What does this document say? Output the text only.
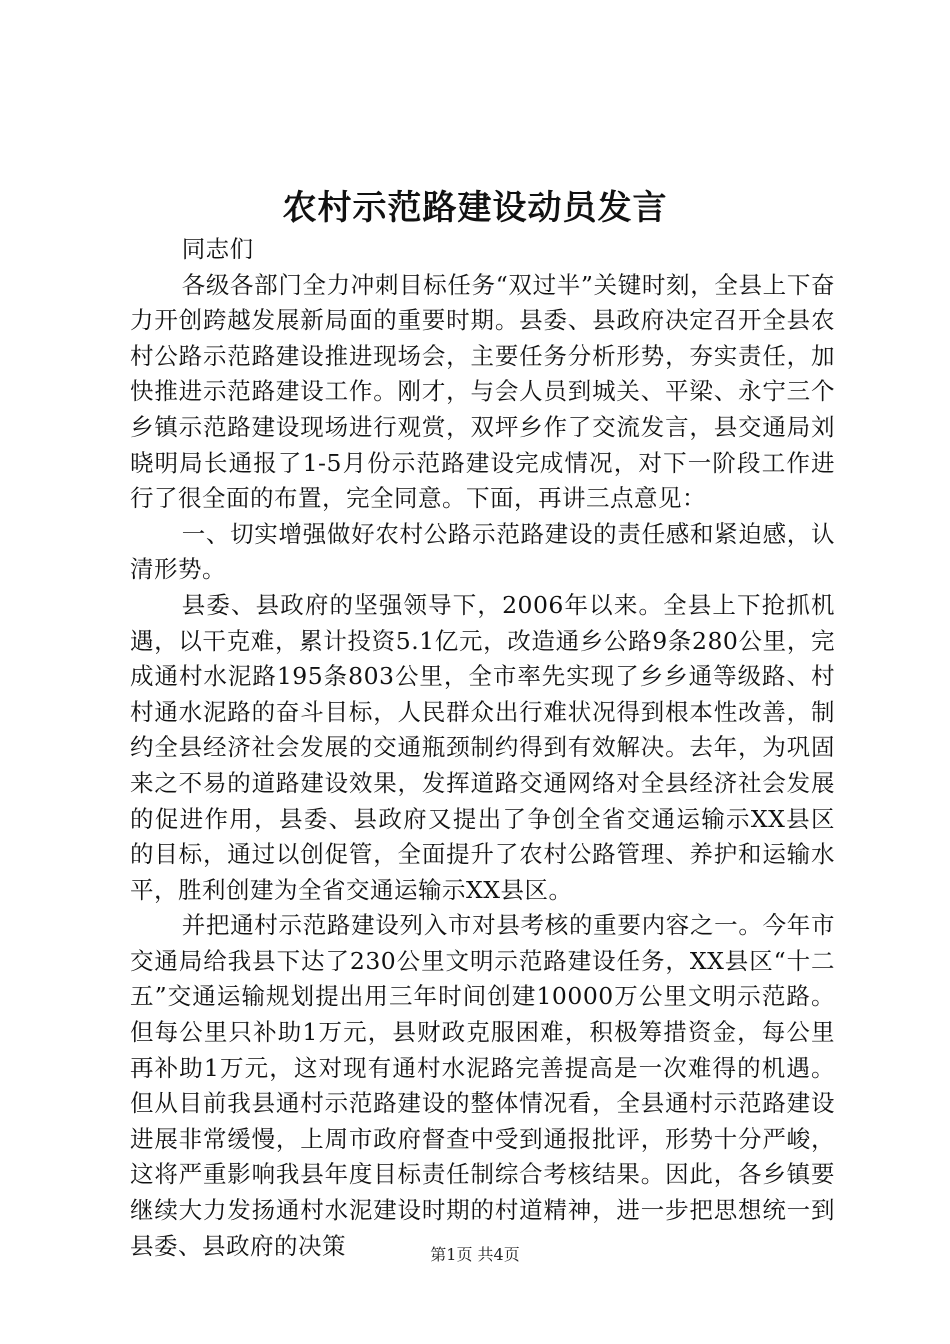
农村示范路建设动员发言

同志们

各级各部门全力冲刺目标任务“双过半”关键时刻，全县上下奋力开创跨越发展新局面的重要时期。县委、县政府决定召开全县农村公路示范路建设推进现场会，主要任务分析形势，夯实责任，加快推进示范路建设工作。刚才，与会人员到城关、平梁、永宁三个乡镇示范路建设现场进行观赏，双坪乡作了交流发言，县交通局刘晓明局长通报了1-5月份示范路建设完成情况，对下一阶段工作进行了很全面的布置，完全同意。下面，再讲三点意见：

一、切实增强做好农村公路示范路建设的责任感和紧迫感，认清形势。

县委、县政府的坚强领导下，2006年以来。全县上下抢抓机遇，以干克难，累计投资5.1亿元，改造通乡公路9条280公里，完成通村水泥路195条803公里，全市率先实现了乡乡通等级路、村村通水泥路的奋斗目标，人民群众出行难状况得到根本性改善，制约全县经济社会发展的交通瓶颈制约得到有效解决。去年，为巩固来之不易的道路建设效果，发挥道路交通网络对全县经济社会发展的促进作用，县委、县政府又提出了争创全省交通运输示XX县区的目标，通过以创促管，全面提升了农村公路管理、养护和运输水平，胜利创建为全省交通运输示XX县区。

并把通村示范路建设列入市对县考核的重要内容之一。今年市交通局给我县下达了230公里文明示范路建设任务，XX县区“十二五”交通运输规划提出用三年时间创建10000万公里文明示范路。但每公里只补助1万元，县财政克服困难，积极筹措资金，每公里再补助1万元，这对现有通村水泥路完善提高是一次难得的机遇。但从目前我县通村示范路建设的整体情况看，全县通村示范路建设进展非常缓慢，上周市政府督查中受到通报批评，形势十分严峻，这将严重影响我县年度目标责任制综合考核结果。因此，各乡镇要继续大力发扬通村水泥建设时期的村道精神，进一步把思想统一到县委、县政府的决策	第1页 共4页
